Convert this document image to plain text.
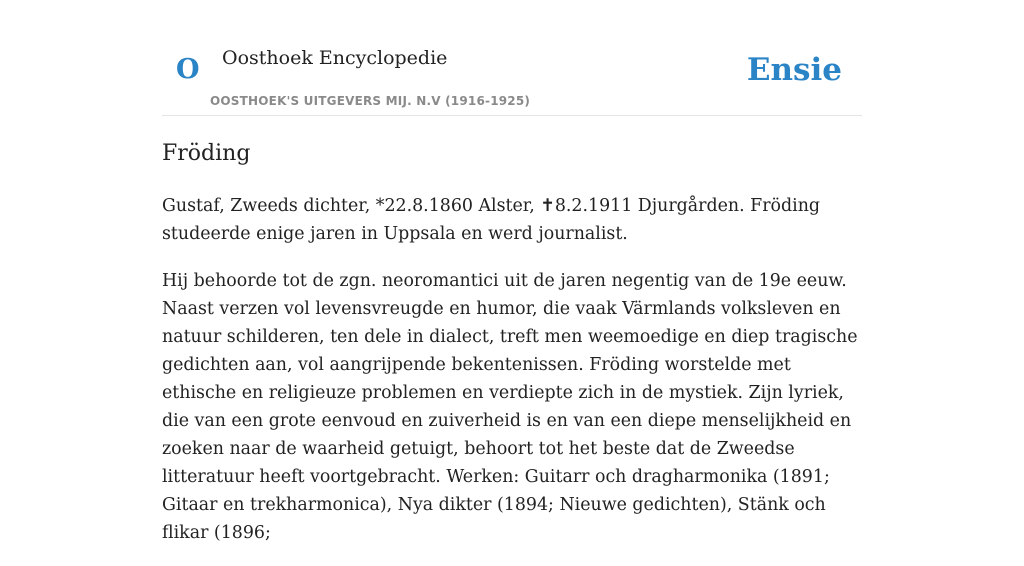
O Oosthoek Encyclopedie
OOSTHOEK'S UITGEVERS MIJ. N.V (1916-1925)
Ensie
Fröding

Gustaf, Zweeds dichter, *22.8.1860 Alster, ✝8.2.1911 Djurgården. Fröding studeerde enige jaren in Uppsala en werd journalist.

Hij behoorde tot de zgn. neoromantici uit de jaren negentig van de 19e eeuw. Naast verzen vol levensvreugde en humor, die vaak Värmlands volksleven en natuur schilderen, ten dele in dialect, treft men weemoedige en diep tragische gedichten aan, vol aangrijpende bekentenissen. Fröding worstelde met ethische en religieuze problemen en verdiepte zich in de mystiek. Zijn lyriek, die van een grote eenvoud en zuiverheid is en van een diepe menselijkheid en zoeken naar de waarheid getuigt, behoort tot het beste dat de Zweedse litteratuur heeft voortgebracht. Werken: Guitarr och dragharmonika (1891; Gitaar en trekharmonica), Nya dikter (1894; Nieuwe gedichten), Stänk och flikar (1896;
